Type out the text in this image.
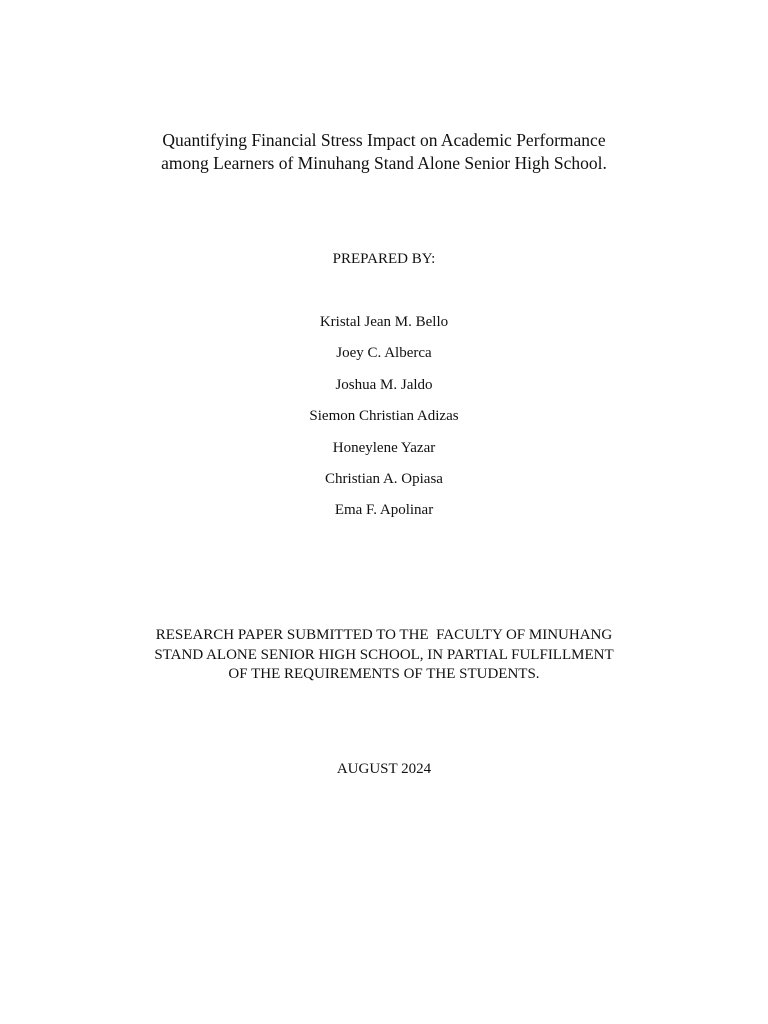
Quantifying Financial Stress Impact on Academic Performance
among Learners of Minuhang Stand Alone Senior High School.
PREPARED BY:
Kristal Jean M. Bello
Joey C. Alberca
Joshua M. Jaldo
Siemon Christian Adizas
Honeylene Yazar
Christian A. Opiasa
Ema F. Apolinar
RESEARCH PAPER SUBMITTED TO THE  FACULTY OF MINUHANG
STAND ALONE SENIOR HIGH SCHOOL, IN PARTIAL FULFILLMENT
OF THE REQUIREMENTS OF THE STUDENTS.
AUGUST 2024
